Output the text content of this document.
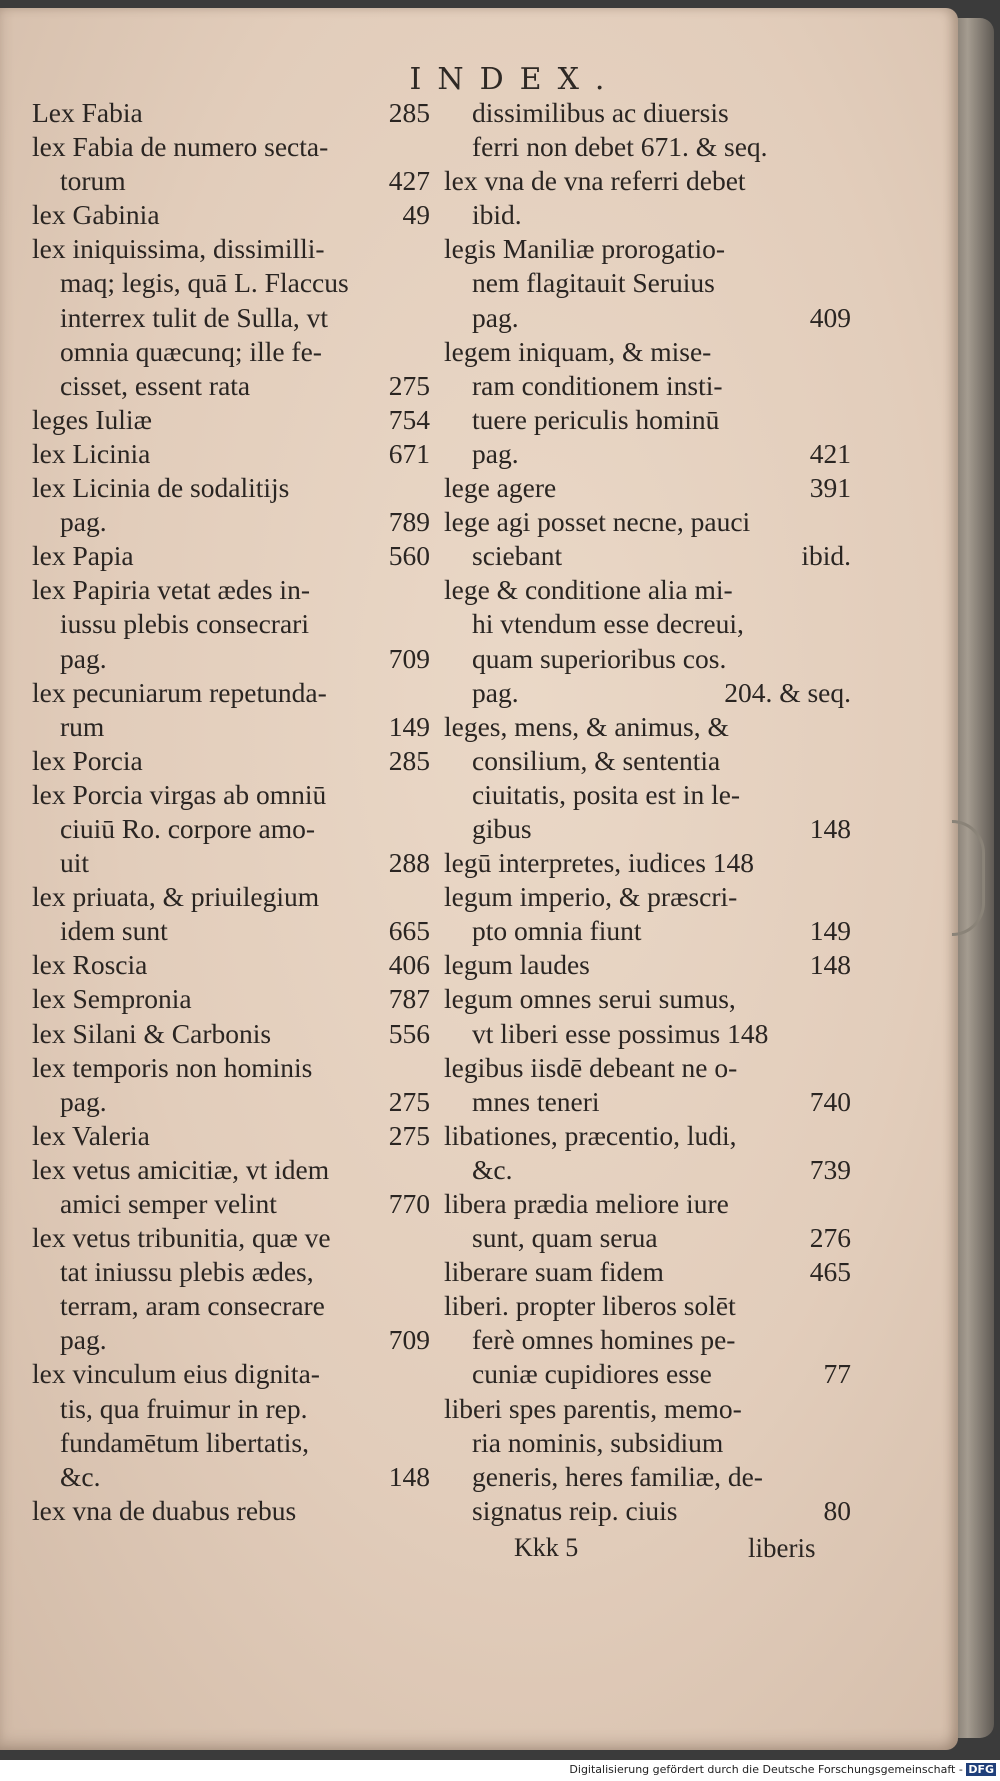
INDEX.
Lex Fabia	285
lex Fabia de numero secta-
torum	427
lex Gabinia	49
lex iniquissima, dissimilli-
maq; legis, quā L. Flaccus
interrex tulit de Sulla, vt
omnia quæcunq; ille fe-
cisset, essent rata	275
leges Iuliæ	754
lex Licinia	671
lex Licinia de sodalitijs
pag.	789
lex Papia	560
lex Papiria vetat ædes in-
iussu plebis consecrari
pag.	709
lex pecuniarum repetunda-
rum	149
lex Porcia	285
lex Porcia virgas ab omniū
ciuiū Ro. corpore amo-
uit	288
lex priuata, & priuilegium
idem sunt	665
lex Roscia	406
lex Sempronia	787
lex Silani & Carbonis	556
lex temporis non hominis
pag.	275
lex Valeria	275
lex vetus amicitiæ, vt idem
amici semper velint	770
lex vetus tribunitia, quæ ve
tat iniussu plebis ædes,
terram, aram consecrare
pag.	709
lex vinculum eius dignita-
tis, qua fruimur in rep.
fundamētum libertatis,
&c.	148
lex vna de duabus rebus
dissimilibus ac diuersis
ferri non debet 671. & seq.
lex vna de vna referri debet
ibid.
legis Maniliæ prorogatio-
nem flagitauit Seruius
pag.	409
legem iniquam, & mise-
ram conditionem insti-
tuere periculis hominū
pag.	421
lege agere	391
lege agi posset necne, pauci
sciebant	ibid.
lege & conditione alia mi-
hi vtendum esse decreui,
quam superioribus cos.
pag.	204. & seq.
leges, mens, & animus, &
consilium, & sententia
ciuitatis, posita est in le-
gibus	148
legū interpretes, iudices 148
legum imperio, & præscri-
pto omnia fiunt	149
legum laudes	148
legum omnes serui sumus,
vt liberi esse possimus 148
legibus iisdē debeant ne o-
mnes teneri	740
libationes, præcentio, ludi,
&c.	739
libera prædia meliore iure
sunt, quam serua	276
liberare suam fidem	465
liberi. propter liberos solēt
ferè omnes homines pe-
cuniæ cupidiores esse	77
liberi spes parentis, memo-
ria nominis, subsidium
generis, heres familiæ, de-
signatus reip. ciuis	80
Kkk 5	liberis
Digitalisierung gefördert durch die Deutsche Forschungsgemeinschaft - DFG
